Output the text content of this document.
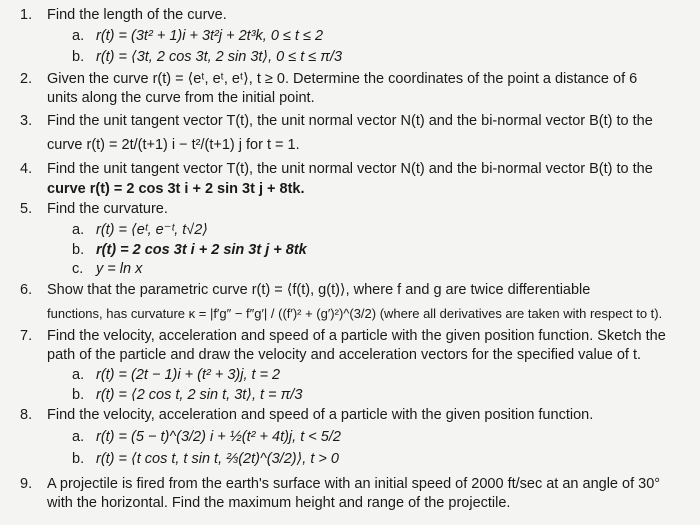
1. Find the length of the curve.
a. r(t) = (3t² + 1)i + 3t²j + 2t³k, 0 ≤ t ≤ 2
b. r(t) = ⟨3t, 2 cos 3t, 2 sin 3t⟩, 0 ≤ t ≤ π/3
2. Given the curve r(t) = ⟨eᵗ, eᵗ, eᵗ⟩, t ≥ 0. Determine the coordinates of the point a distance of 6
units along the curve from the initial point.
3. Find the unit tangent vector T(t), the unit normal vector N(t) and the bi-normal vector B(t) to the
curve r(t) = 2t/(t+1) i − t²/(t+1) j for t = 1.
4. Find the unit tangent vector T(t), the unit normal vector N(t) and the bi-normal vector B(t) to the
curve r(t) = 2 cos 3t i + 2 sin 3t j + 8tk.
5. Find the curvature.
a. r(t) = ⟨eᵗ, e⁻ᵗ, t√2⟩
b. r(t) = 2 cos 3t i + 2 sin 3t j + 8tk
c. y = ln x
6. Show that the parametric curve r(t) = ⟨f(t), g(t)⟩, where f and g are twice differentiable
functions, has curvature κ = |f′g″ − f″g′| / ((f′)² + (g′)²)^(3/2) (where all derivatives are taken with respect to t).
7. Find the velocity, acceleration and speed of a particle with the given position function. Sketch the
path of the particle and draw the velocity and acceleration vectors for the specified value of t.
a. r(t) = (2t − 1)i + (t² + 3)j, t = 2
b. r(t) = ⟨2 cos t, 2 sin t, 3t⟩, t = π/3
8. Find the velocity, acceleration and speed of a particle with the given position function.
a. r(t) = (5 − t)^(3/2) i + ½(t² + 4t)j, t < 5/2
b. r(t) = ⟨t cos t, t sin t, ⅔(2t)^(3/2)⟩, t > 0
9. A projectile is fired from the earth's surface with an initial speed of 2000 ft/sec at an angle of 30°
with the horizontal. Find the maximum height and range of the projectile.
